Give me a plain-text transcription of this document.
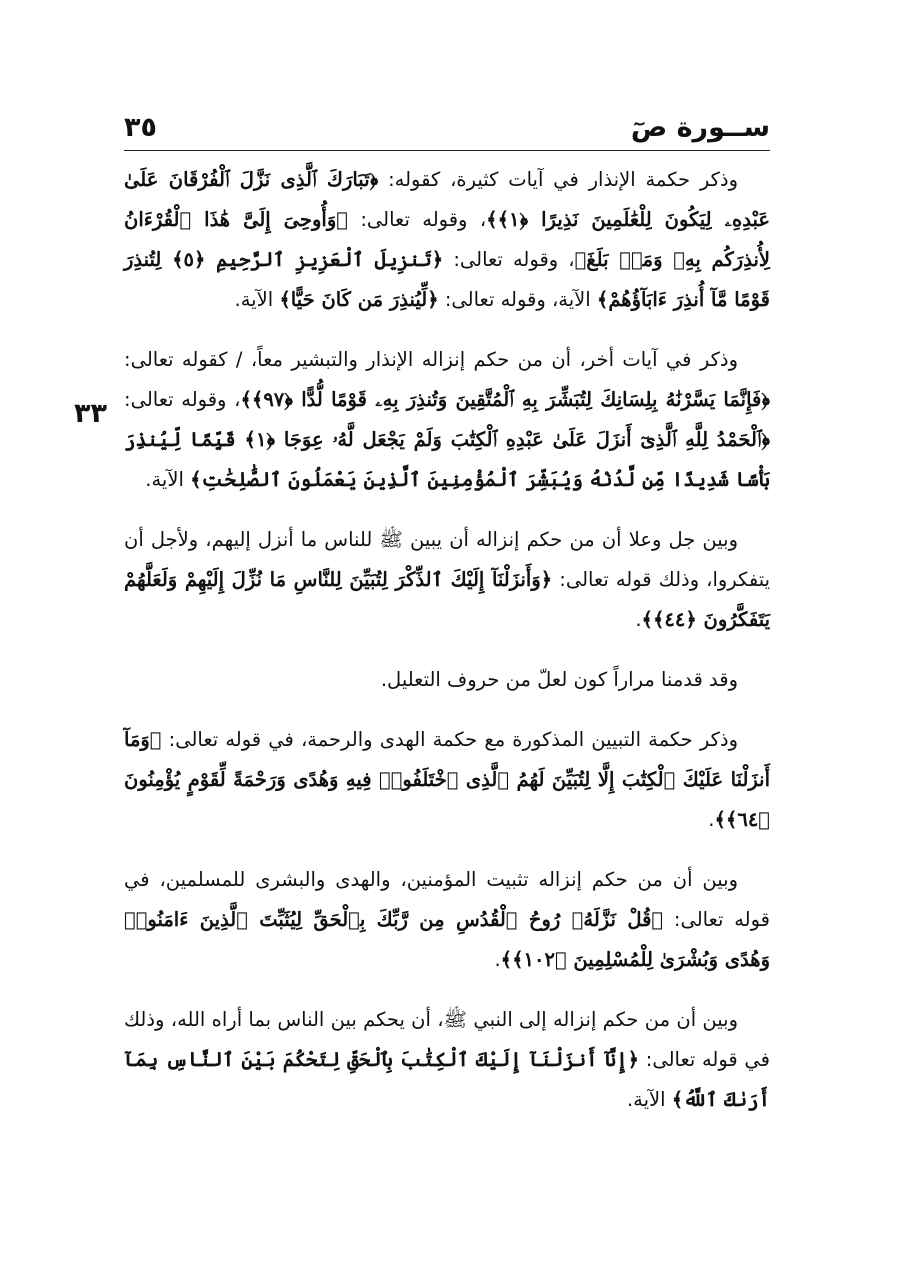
ســورة صٓ
٣٥
٣٣

وذكر حكمة الإنذار في آيات كثيرة، كقوله: ﴿تَبَارَكَ ٱلَّذِى نَزَّلَ ٱلْفُرْقَانَ عَلَىٰ عَبْدِهِۦ لِيَكُونَ لِلْعَٰلَمِينَ نَذِيرًا ﴿١﴾﴾، وقوله تعالى: ﴿وَأُوحِىَ إِلَىَّ هَٰذَا ٱلْقُرْءَانُ لِأُنذِرَكُم بِهِۦ وَمَنۢ بَلَغَ﴾، وقوله تعالى: ﴿تَنزِيلَ ٱلْعَزِيزِ ٱلرَّحِيمِ ﴿٥﴾ لِتُنذِرَ قَوْمًا مَّآ أُنذِرَ ءَابَآؤُهُمْ﴾ الآية، وقوله تعالى: ﴿لِّيُنذِرَ مَن كَانَ حَيًّا﴾ الآية.

وذكر في آيات أخر، أن من حكم إنزاله الإنذار والتبشير معاً، / كقوله تعالى: ﴿فَإِنَّمَا يَسَّرْنَٰهُ بِلِسَانِكَ لِتُبَشِّرَ بِهِ ٱلْمُتَّقِينَ وَتُنذِرَ بِهِۦ قَوْمًا لُّدًّا ﴿٩٧﴾﴾، وقوله تعالى: ﴿ٱلْحَمْدُ لِلَّهِ ٱلَّذِىٓ أَنزَلَ عَلَىٰ عَبْدِهِ ٱلْكِتَٰبَ وَلَمْ يَجْعَل لَّهُۥ عِوَجَا ﴿١﴾ قَيِّمًا لِّيُنذِرَ بَأْسًا شَدِيدًا مِّن لَّدُنْهُ وَيُبَشِّرَ ٱلْمُؤْمِنِينَ ٱلَّذِينَ يَعْمَلُونَ ٱلصَّٰلِحَٰتِ﴾ الآية.

وبين جل وعلا أن من حكم إنزاله أن يبين ﷺ للناس ما أنزل إليهم، ولأجل أن يتفكروا، وذلك قوله تعالى: ﴿وَأَنزَلْنَآ إِلَيْكَ ٱلذِّكْرَ لِتُبَيِّنَ لِلنَّاسِ مَا نُزِّلَ إِلَيْهِمْ وَلَعَلَّهُمْ يَتَفَكَّرُونَ ﴿٤٤﴾﴾.

وقد قدمنا مراراً كون لعلّ من حروف التعليل.

وذكر حكمة التبيين المذكورة مع حكمة الهدى والرحمة، في قوله تعالى: ﴿وَمَآ أَنزَلْنَا عَلَيْكَ ٱلْكِتَٰبَ إِلَّا لِتُبَيِّنَ لَهُمُ ٱلَّذِى ٱخْتَلَفُوا۟ فِيهِ وَهُدًى وَرَحْمَةً لِّقَوْمٍ يُؤْمِنُونَ ﴿٦٤﴾﴾.

وبين أن من حكم إنزاله تثبيت المؤمنين، والهدى والبشرى للمسلمين، في قوله تعالى: ﴿قُلْ نَزَّلَهُۥ رُوحُ ٱلْقُدُسِ مِن رَّبِّكَ بِٱلْحَقِّ لِيُثَبِّتَ ٱلَّذِينَ ءَامَنُوا۟ وَهُدًى وَبُشْرَىٰ لِلْمُسْلِمِينَ ﴿١٠٢﴾﴾.

وبين أن من حكم إنزاله إلى النبي ﷺ، أن يحكم بين الناس بما أراه الله، وذلك في قوله تعالى: ﴿إِنَّآ أَنزَلْنَآ إِلَيْكَ ٱلْكِتَٰبَ بِٱلْحَقِّ لِتَحْكُمَ بَيْنَ ٱلنَّاسِ بِمَآ أَرَىٰكَ ٱللَّهُ﴾ الآية.
